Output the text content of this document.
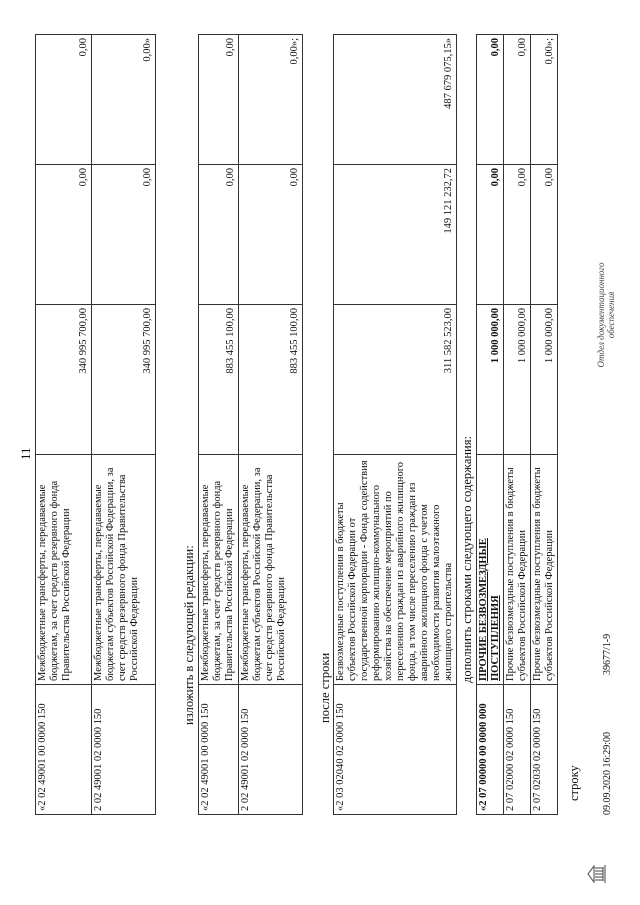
11
«2 02 49001 00 0000 150	Межбюджетные трансферты, передаваемые бюджетам, за счет средств резервного фонда Правительства Российской Федерации	340 995 700,00	0,00	0,00
2 02 49001 02 0000 150	Межбюджетные трансферты, передаваемые бюджетам субъектов Российской Федерации, за счет средств резервного фонда Правительства Российской Федерации	340 995 700,00	0,00	0,00»
изложить в следующей редакции:
«2 02 49001 00 0000 150	Межбюджетные трансферты, передаваемые бюджетам, за счет средств резервного фонда Правительства Российской Федерации	883 455 100,00	0,00	0,00
2 02 49001 02 0000 150	Межбюджетные трансферты, передаваемые бюджетам субъектов Российской Федерации, за счет средств резервного фонда Правительства Российской Федерации	883 455 100,00	0,00	0,00»;
после строки
«2 03 02040 02 0000 150	Безвозмездные поступления в бюджеты субъектов Российской Федерации от государственной корпорации - Фонда содействия реформированию жилищно-коммунального хозяйства на обеспечение мероприятий по переселению граждан из аварийного жилищного фонда, в том числе переселению граждан из аварийного жилищного фонда с учетом необходимости развития малоэтажного жилищного строительства	311 582 523,00	149 121 232,72	487 679 075,15»
дополнить строками следующего содержания:
«2 07 00000 00 0000 000	ПРОЧИЕ БЕЗВОЗМЕЗДНЫЕ ПОСТУПЛЕНИЯ	1 000 000,00	0,00	0,00
2 07 02000 02 0000 150	Прочие безвозмездные поступления в бюджеты субъектов Российской Федерации	1 000 000,00	0,00	0,00
2 07 02030 02 0000 150	Прочие безвозмездные поступления в бюджеты субъектов Российской Федерации	1 000 000,00	0,00	0,00»;
строку 09.09.2020 16:29:00
39677/1-9
Отдел документационного обеспечения
